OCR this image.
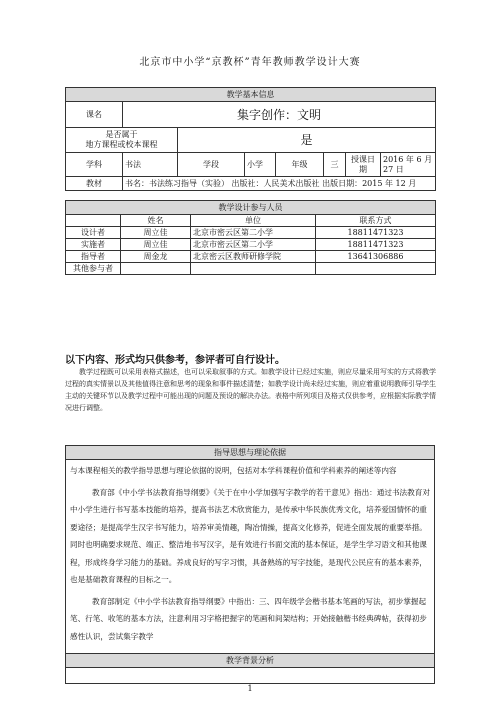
北京市中小学“京教杯”青年教师教学设计大赛
教学基本信息							
课名	集字创作：文明						
是否属于
地方课程或校本课程		是					
学科	书法	学段	小学	年级	三	授课日期	2016 年 6 月 27 日
教材	书名：书法练习指导（实验） 出版社：人民美术出版社 出版日期：2015 年 12 月						
教学设计参与人员			
	姓名	单位	联系方式
设计者	周立佳	北京市密云区第二小学	18811471323
实施者	周立佳	北京市密云区第二小学	18811471323
指导者	周金龙	北京密云区教师研修学院	13641306886
其他参与者			
以下内容、形式均只供参考，参评者可自行设计。
教学过程既可以采用表格式描述，也可以采取叙事的方式。如教学设计已经过实施，则应尽量采用写实的方式将教学过程的真实情景以及其他值得注意和思考的现象和事件描述清楚；如教学设计尚未经过实施，则应着重说明教师引导学生主动的关键环节以及教学过程中可能出现的问题及预设的解决办法。表格中所列项目及格式仅供参考，应根据实际教学情况进行调整。
指导思想与理论依据

与本课程相关的教学指导思想与理论依据的说明，包括对本学科课程价值和学科素养的阐述等内容

教育部《中小学书法教育指导纲要》《关于在中小学加强写字教学的若干意见》指出：通过书法教育对中小学生进行书写基本技能的培养，提高书法艺术欣赏能力，是传承中华民族优秀文化，培养爱国情怀的重要途径；是提高学生汉字书写能力，培养审美情趣，陶冶情操，提高文化修养，促进全面发展的重要举措。同时也明确要求规范、端正、整洁地书写汉字，是有效进行书面交流的基本保证，是学生学习语文和其他课程，形成终身学习能力的基础。养成良好的写字习惯，具备熟练的写字技能，是现代公民应有的基本素养，也是基础教育课程的目标之一。

教育部制定《中小学书法教育指导纲要》中指出：三、四年级学会楷书基本笔画的写法，初步掌握起笔、行笔、收笔的基本方法，注意利用习字格把握字的笔画和间架结构；开始接触楷书经典碑帖，获得初步感性认识，尝试集字教学

教学背景分析

1
